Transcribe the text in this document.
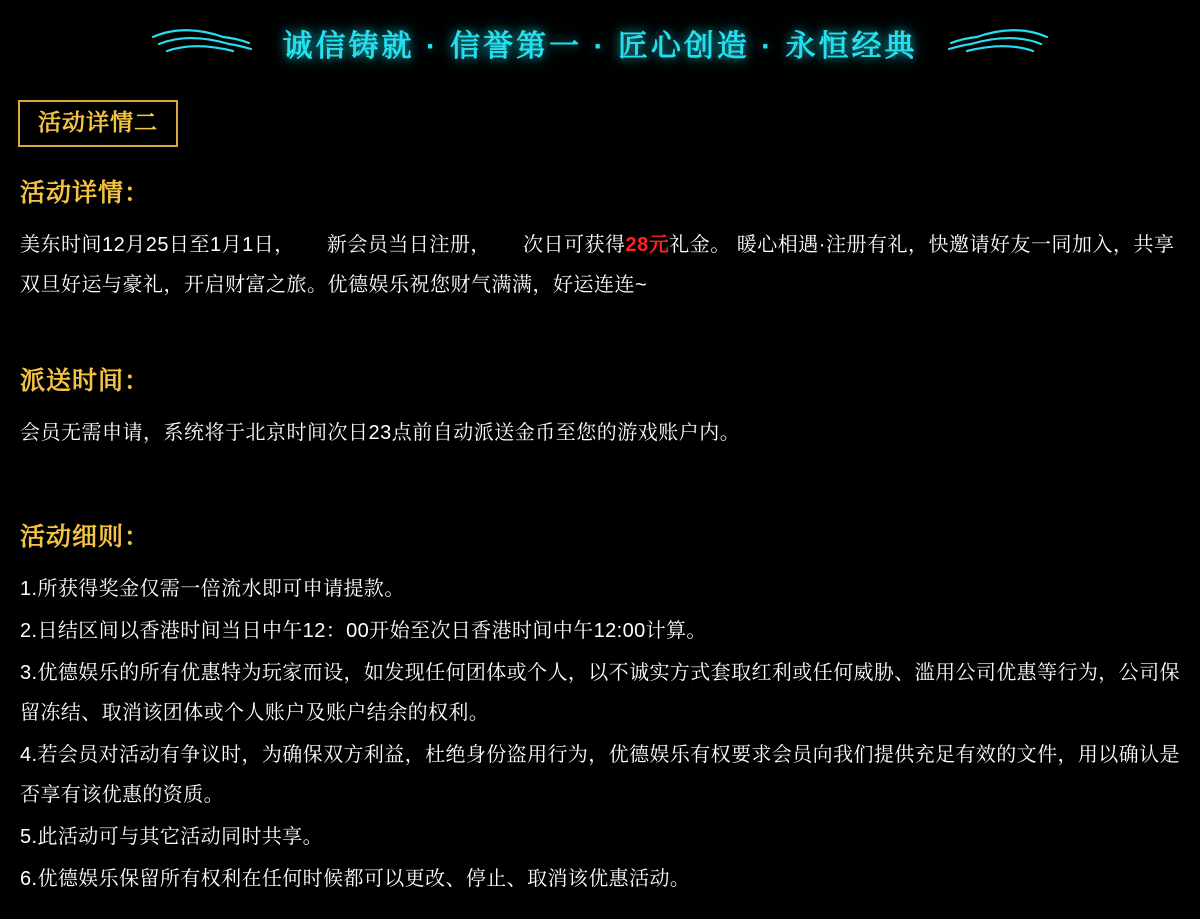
诚信铸就 · 信誉第一 · 匠心创造 · 永恒经典
活动详情二
活动详情：

美东时间12月25日至1月1日， 新会员当日注册， 次日可获得28元礼金。 暖心相遇·注册有礼，快邀请好友一同加入，共享双旦好运与豪礼，开启财富之旅。优德娱乐祝您财气满满，好运连连~

派送时间：

会员无需申请，系统将于北京时间次日23点前自动派送金币至您的游戏账户内。

活动细则：
1.所获得奖金仅需一倍流水即可申请提款。
2.日结区间以香港时间当日中午12：00开始至次日香港时间中午12:00计算。
3.优德娱乐的所有优惠特为玩家而设，如发现任何团体或个人，以不诚实方式套取红利或任何威胁、滥用公司优惠等行为，公司保留冻结、取消该团体或个人账户及账户结余的权利。
4.若会员对活动有争议时，为确保双方利益，杜绝身份盗用行为，优德娱乐有权要求会员向我们提供充足有效的文件，用以确认是否享有该优惠的资质。
5.此活动可与其它活动同时共享。
6.优德娱乐保留所有权利在任何时候都可以更改、停止、取消该优惠活动。
